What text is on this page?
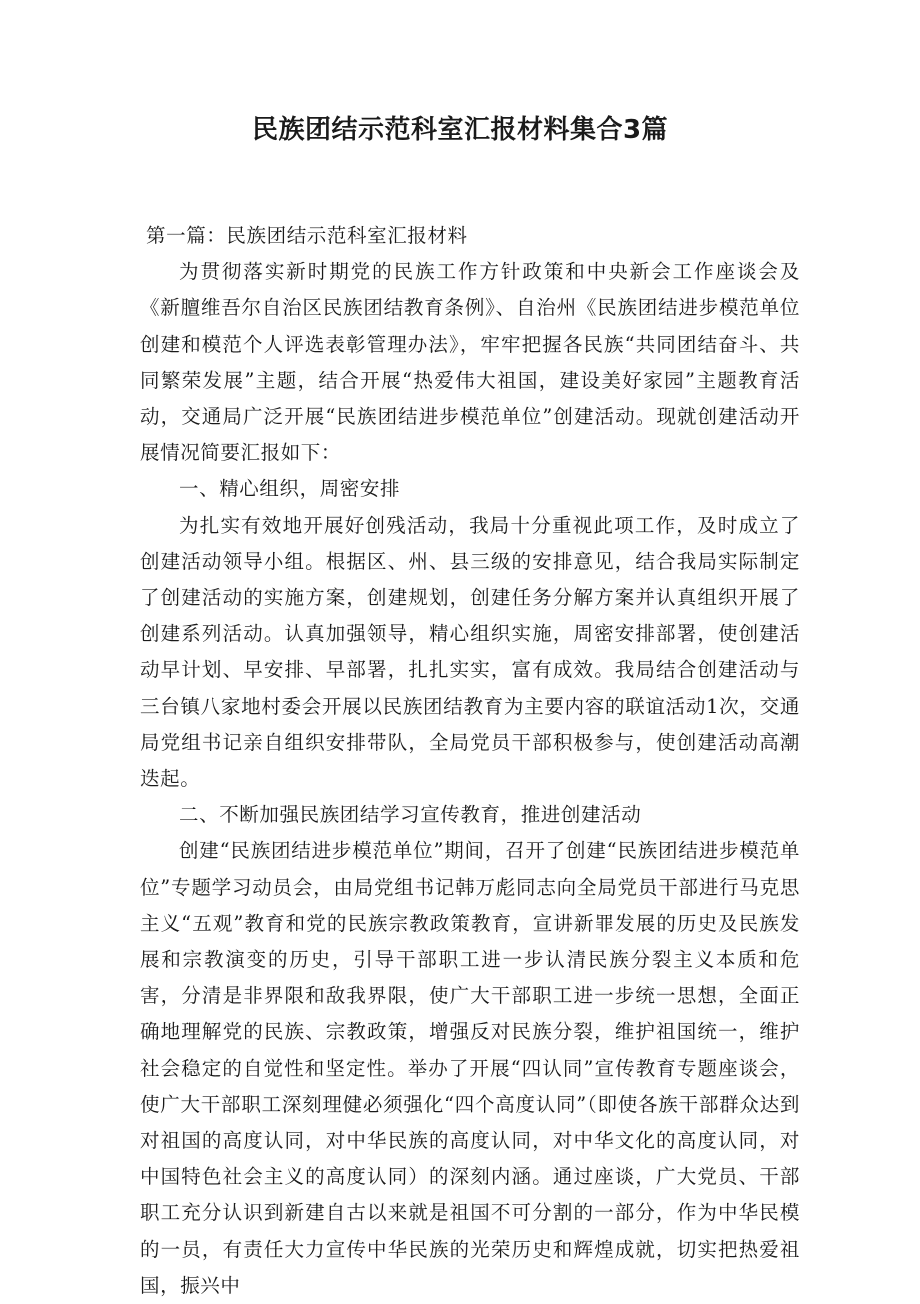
民族团结示范科室汇报材料集合3篇

第一篇：民族团结示范科室汇报材料

为贯彻落实新时期党的民族工作方针政策和中央新会工作座谈会及《新膻维吾尔自治区民族团结教育条例》、自治州《民族团结进步模范单位创建和模范个人评选表彰管理办法》，牢牢把握各民族“共同团结奋斗、共同繁荣发展”主题，结合开展“热爱伟大祖国，建设美好家园”主题教育活动，交通局广泛开展“民族团结进步模范单位”创建活动。现就创建活动开展情况简要汇报如下：

一、精心组织，周密安排

为扎实有效地开展好创残活动，我局十分重视此项工作，及时成立了创建活动领导小组。根据区、州、县三级的安排意见，结合我局实际制定了创建活动的实施方案，创建规划，创建任务分解方案并认真组织开展了创建系列活动。认真加强领导，精心组织实施，周密安排部署，使创建活动早计划、早安排、早部署，扎扎实实，富有成效。我局结合创建活动与三台镇八家地村委会开展以民族团结教育为主要内容的联谊活动1次，交通局党组书记亲自组织安排带队，全局党员干部积极参与，使创建活动高潮迭起。

二、不断加强民族团结学习宣传教育，推进创建活动

创建“民族团结进步模范单位”期间，召开了创建“民族团结进步模范单位”专题学习动员会，由局党组书记韩万彪同志向全局党员干部进行马克思主义“五观”教育和党的民族宗教政策教育，宣讲新罪发展的历史及民族发展和宗教演变的历史，引导干部职工进一步认清民族分裂主义本质和危害，分清是非界限和敌我界限，使广大干部职工进一步统一思想，全面正确地理解党的民族、宗教政策，增强反对民族分裂，维护祖国统一，维护社会稳定的自觉性和坚定性。举办了开展“四认同”宣传教育专题座谈会，使广大干部职工深刻理健必须强化“四个高度认同”（即使各族干部群众达到对祖国的高度认同，对中华民族的高度认同，对中华文化的高度认同，对中国特色社会主义的高度认同）的深刻内涵。通过座谈，广大党员、干部职工充分认识到新建自古以来就是祖国不可分割的一部分，作为中华民模的一员，有责任大力宣传中华民族的光荣历史和辉煌成就，切实把热爱祖国，振兴中
